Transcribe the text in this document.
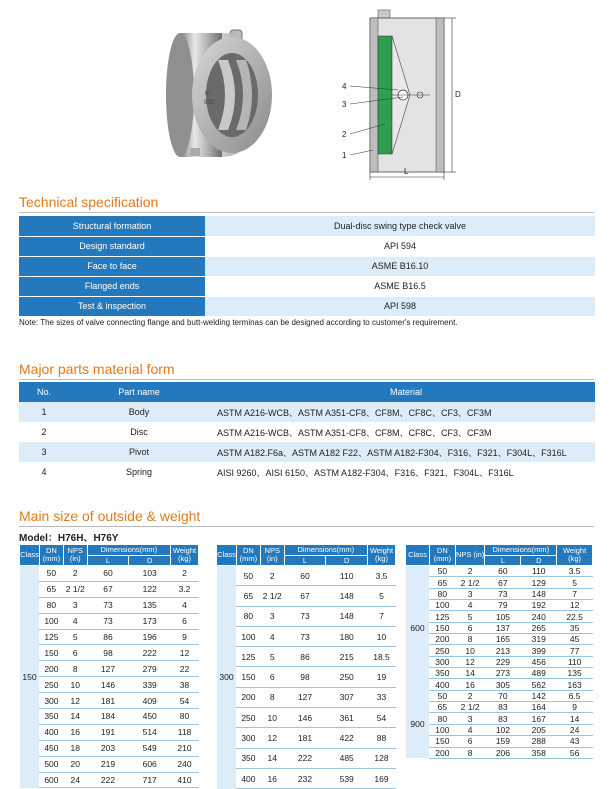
6"
900
4
3
2
1
L
D
Technical specification
Structural formation	Dual-disc swing type check valve
Design standard	API 594
Face to face	ASME B16.10
Flanged ends	ASME B16.5
Test & inspection	API 598
Note: The sizes of valve connecting flange and butt-welding terminas can be designed according to customer's requirement.
Major parts material form
No.	Part name	Material
1	Body	ASTM A216-WCB、ASTM A351-CF8、CF8M、CF8C、CF3、CF3M
2	Disc	ASTM A216-WCB、ASTM A351-CF8、CF8M、CF8C、CF3、CF3M
3	Pivot	ASTM A182.F6a、ASTM A182 F22、ASTM A182-F304、F316、F321、F304L、F316L
4	Spring	AISI 9260、AISI 6150、ASTM A182-F304、F316、F321、F304L、F316L
Main size of outside & weight
Model：H76H、H76Y
Class	DN (mm)	NPS (in)	Dimensions(mm)		Weight (kg)
			L	D	
150	50	2	60	103	2
	65	2 1/2	67	122	3.2
	80	3	73	135	4
	100	4	73	173	6
	125	5	86	196	9
	150	6	98	222	12
	200	8	127	279	22
	250	10	146	339	38
	300	12	181	409	54
	350	14	184	450	80
	400	16	191	514	118
	450	18	203	549	210
	500	20	219	606	240
	600	24	222	717	410
Class	DN (mm)	NPS (in)	Dimensions(mm)		Weight (kg)
			L	D	
300	50	2	60	110	3.5
	65	2 1/2	67	148	5
	80	3	73	148	7
	100	4	73	180	10
	125	5	86	215	18.5
	150	6	98	250	19
	200	8	127	307	33
	250	10	146	361	54
	300	12	181	422	88
	350	14	222	485	128
	400	16	232	539	169
Class	DN (mm)	NPS (in)	Dimensions(mm)		Weight (kg)
			L	D	
600	50	2	60	110	3.5
	65	2 1/2	67	129	5
	80	3	73	148	7
	100	4	79	192	12
	125	5	105	240	22.5
	150	6	137	265	35
	200	8	165	319	45
	250	10	213	399	77
	300	12	229	456	110
	350	14	273	489	135
	400	16	305	562	163
900	50	2	70	142	6.5
	65	2 1/2	83	164	9
	80	3	83	167	14
	100	4	102	205	24
	150	6	159	288	43
	200	8	206	358	56
